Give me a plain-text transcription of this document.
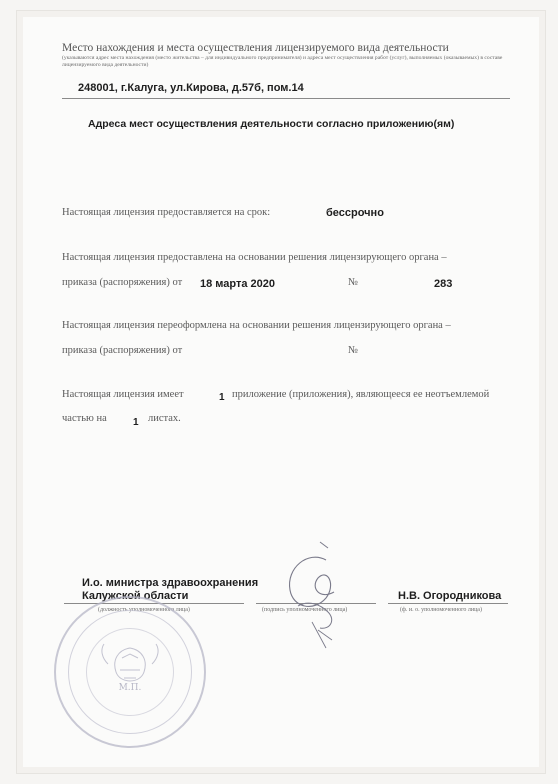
Место нахождения и места осуществления лицензируемого вида деятельности
(указываются адрес места нахождения (место жительства – для индивидуального предпринимателя) и адреса мест осуществления работ (услуг), выполняемых (оказываемых) в составе лицензируемого вида деятельности)
248001, г.Калуга, ул.Кирова, д.57б, пом.14
Адреса мест осуществления деятельности согласно приложению(ям)
Настоящая лицензия предоставляется на срок:	бессрочно
Настоящая лицензия предоставлена на основании решения лицензирующего органа –
приказа (распоряжения) от 18 марта 2020	№	283
Настоящая лицензия переоформлена на основании решения лицензирующего органа –
приказа (распоряжения) от	№
Настоящая лицензия имеет	1 приложение (приложения), являющееся ее неотъемлемой
частью на	1 листах.
И.о. министра здравоохранения
Калужской области	Н.В. Огородникова
(должность уполномоченного лица)	(подпись уполномоченного лица)	(ф. и. о. уполномоченного лица)
М.П.
